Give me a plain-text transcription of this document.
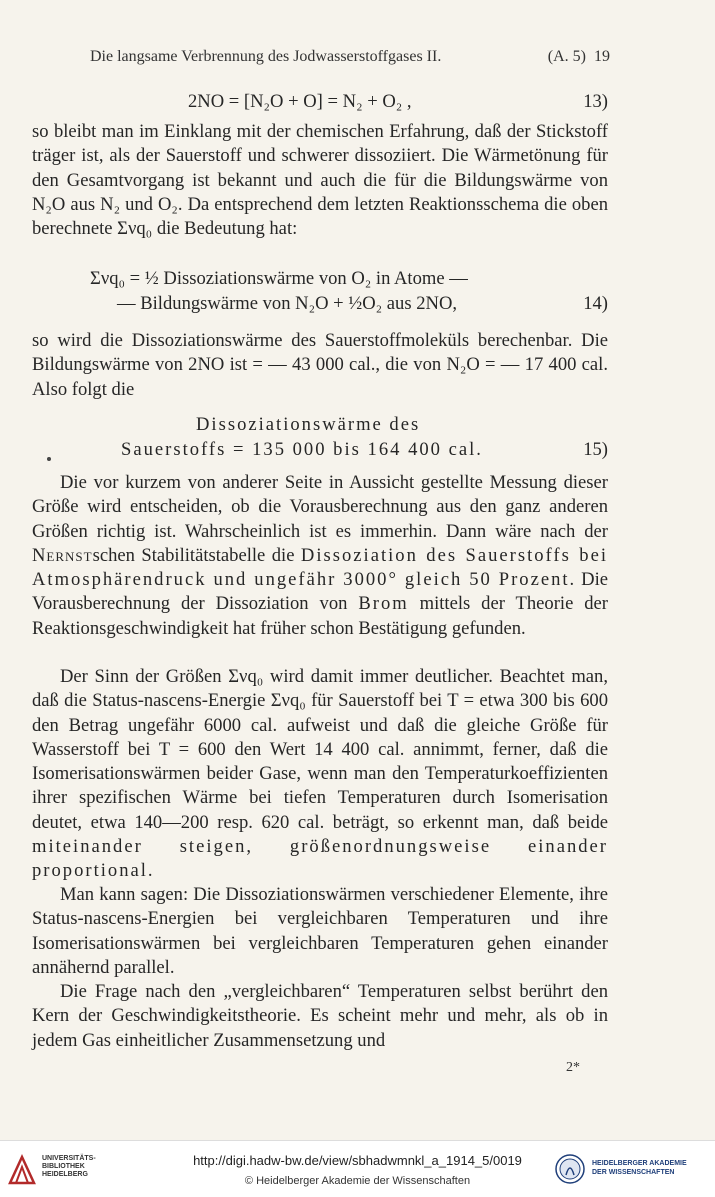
Die langsame Verbrennung des Jodwasserstoffgases II.	(A. 5) 19
2NO = [N₂O + O] = N₂ + O₂ ,	13)

so bleibt man im Einklang mit der chemischen Erfahrung, daß der Stickstoff träger ist, als der Sauerstoff und schwerer dissoziiert. Die Wärmetönung für den Gesamtvorgang ist bekannt und auch die für die Bildungswärme von N₂O aus N₂ und O₂. Da entsprechend dem letzten Reaktionsschema die oben berechnete Σνq₀ die Bedeutung hat:

Σνq₀ = ½ Dissoziationswärme von O₂ in Atome —
— Bildungswärme von N₂O + ½O₂ aus 2NO,	14)

so wird die Dissoziationswärme des Sauerstoffmoleküls berechenbar. Die Bildungswärme von 2NO ist = — 43 000 cal., die von N₂O = — 17 400 cal. Also folgt die

Dissoziationswärme des
Sauerstoffs = 135 000 bis 164 400 cal.	15)

Die vor kurzem von anderer Seite in Aussicht gestellte Messung dieser Größe wird entscheiden, ob die Vorausberechnung aus den ganz anderen Größen richtig ist. Wahrscheinlich ist es immerhin. Dann wäre nach der Nernstschen Stabilitätstabelle die Dissoziation des Sauerstoffs bei Atmosphärendruck und ungefähr 3000° gleich 50 Prozent. Die Vorausberechnung der Dissoziation von Brom mittels der Theorie der Reaktionsgeschwindigkeit hat früher schon Bestätigung gefunden.

Der Sinn der Größen Σνq₀ wird damit immer deutlicher. Beachtet man, daß die Status-nascens-Energie Σνq₀ für Sauerstoff bei T = etwa 300 bis 600 den Betrag ungefähr 6000 cal. aufweist und daß die gleiche Größe für Wasserstoff bei T = 600 den Wert 14 400 cal. annimmt, ferner, daß die Isomerisationswärmen beider Gase, wenn man den Temperaturkoeffizienten ihrer spezifischen Wärme bei tiefen Temperaturen durch Isomerisation deutet, etwa 140—200 resp. 620 cal. beträgt, so erkennt man, daß beide miteinander steigen, größenordnungsweise einander proportional.

Man kann sagen: Die Dissoziationswärmen verschiedener Elemente, ihre Status-nascens-Energien bei vergleichbaren Temperaturen und ihre Isomerisationswärmen bei vergleichbaren Temperaturen gehen einander annähernd parallel.

Die Frage nach den „vergleichbaren“ Temperaturen selbst berührt den Kern der Geschwindigkeitstheorie. Es scheint mehr und mehr, als ob in jedem Gas einheitlicher Zusammensetzung und

2*
UNIVERSITÄTS-
BIBLIOTHEK
HEIDELBERG
http://digi.hadw-bw.de/view/sbhadwmnkl_a_1914_5/0019
© Heidelberger Akademie der Wissenschaften
HEIDELBERGER AKADEMIE
DER WISSENSCHAFTEN
